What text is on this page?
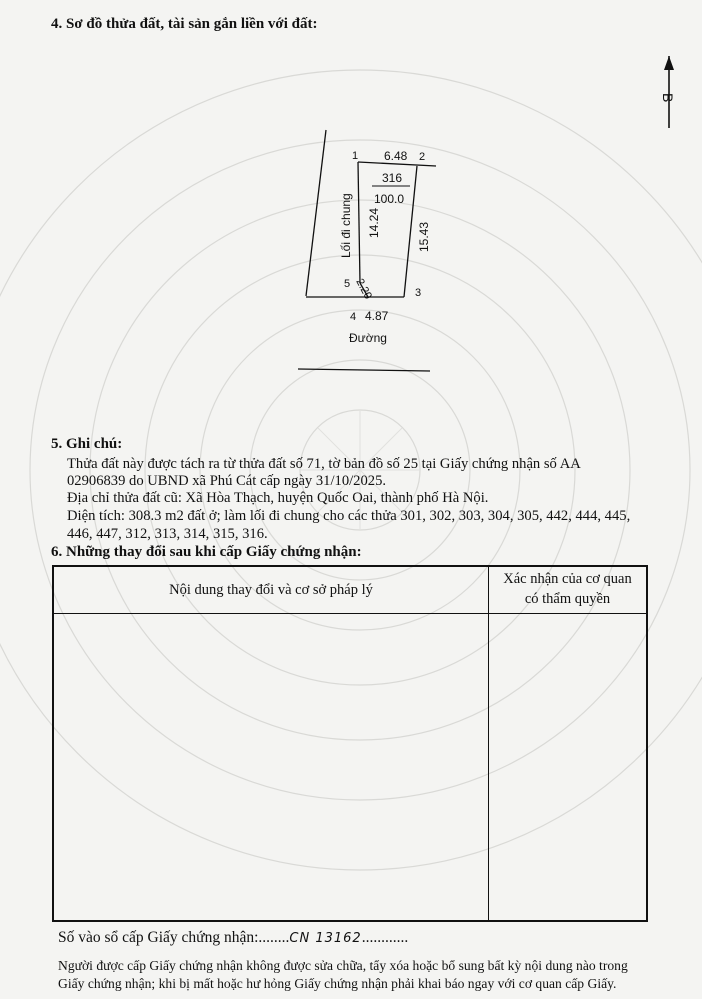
4. Sơ đồ thửa đất, tài sản gắn liền với đất:
B
1 6.48 2
316
100.0
Lối đi chung 14.24	15.43
5 2.20	3
4 4.87
Đường
5. Ghi chú:
Thửa đất này được tách ra từ thửa đất số 71, tờ bản đồ số 25 tại Giấy chứng nhận số AA
02906839 do UBND xã Phú Cát cấp ngày 31/10/2025.
Địa chỉ thửa đất cũ: Xã Hòa Thạch, huyện Quốc Oai, thành phố Hà Nội.
Diện tích: 308.3 m2 đất ở; làm lối đi chung cho các thửa 301, 302, 303, 304, 305, 442, 444, 445,
446, 447, 312, 313, 314, 315, 316.
6. Những thay đổi sau khi cấp Giấy chứng nhận:
Nội dung thay đổi và cơ sở pháp lý	Xác nhận của cơ quan
có thẩm quyền

Số vào sổ cấp Giấy chứng nhận:........CN 13162............
Người được cấp Giấy chứng nhận không được sửa chữa, tẩy xóa hoặc bổ sung bất kỳ nội dung nào trong
Giấy chứng nhận; khi bị mất hoặc hư hỏng Giấy chứng nhận phải khai báo ngay với cơ quan cấp Giấy.
